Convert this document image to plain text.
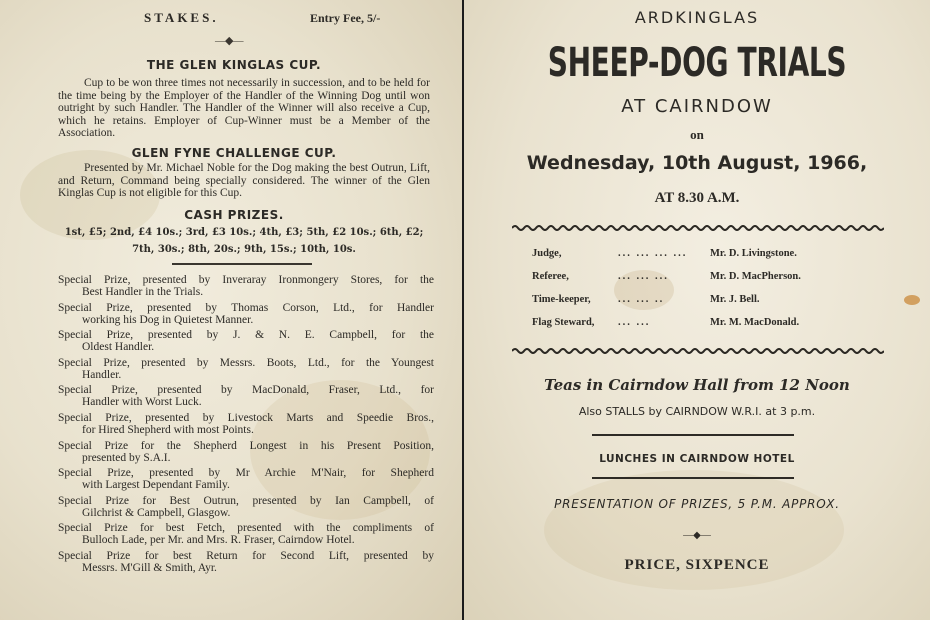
STAKES.	Entry Fee, 5/-
—◆—
THE GLEN KINGLAS CUP.
Cup to be won three times not necessarily in succession, and to be held for the time being by the Employer of the Handler of the Winning Dog until won outright by such Handler. The Handler of the Winner will also receive a Cup, which he retains. Employer of Cup-Winner must be a Member of the Association.
GLEN FYNE CHALLENGE CUP.
Presented by Mr. Michael Noble for the Dog making the best Outrun, Lift, and Return, Command being specially considered. The winner of the Glen Kinglas Cup is not eligible for this Cup.
CASH PRIZES.
1st, £5; 2nd, £4 10s.; 3rd, £3 10s.; 4th, £3; 5th, £2 10s.; 6th, £2;
7th, 30s.; 8th, 20s.; 9th, 15s.; 10th, 10s.
Special Prize, presented by Inveraray Ironmongery Stores, for the
Best Handler in the Trials.
Special Prize, presented by Thomas Corson, Ltd., for Handler
working his Dog in Quietest Manner.
Special Prize, presented by J. & N. E. Campbell, for the
Oldest Handler.
Special Prize, presented by Messrs. Boots, Ltd., for the Youngest
Handler.
Special Prize, presented by MacDonald, Fraser, Ltd., for
Handler with Worst Luck.
Special Prize, presented by Livestock Marts and Speedie Bros.,
for Hired Shepherd with most Points.
Special Prize for the Shepherd Longest in his Present Position,
presented by S.A.I.
Special Prize, presented by Mr Archie M'Nair, for Shepherd
with Largest Dependant Family.
Special Prize for Best Outrun, presented by Ian Campbell, of
Gilchrist & Campbell, Glasgow.
Special Prize for best Fetch, presented with the compliments of
Bulloch Lade, per Mr. and Mrs. R. Fraser, Cairndow Hotel.
Special Prize for best Return for Second Lift, presented by
Messrs. M'Gill & Smith, Ayr.
ARDKINGLAS
SHEEP-DOG TRIALS
AT CAIRNDOW
on
Wednesday, 10th August, 1966,
AT 8.30 A.M.
Judge,	... ... ... ... Mr. D. Livingstone.
Referee,	... ... ...	Mr. D. MacPherson.
Time-keeper,	... ... ..	Mr. J. Bell.
Flag Steward, ... ...	Mr. M. MacDonald.
Teas in Cairndow Hall from 12 Noon
Also STALLS by CAIRNDOW W.R.I. at 3 p.m.
LUNCHES IN CAIRNDOW HOTEL
PRESENTATION OF PRIZES, 5 P.M. APPROX.
—◆—
PRICE, SIXPENCE
